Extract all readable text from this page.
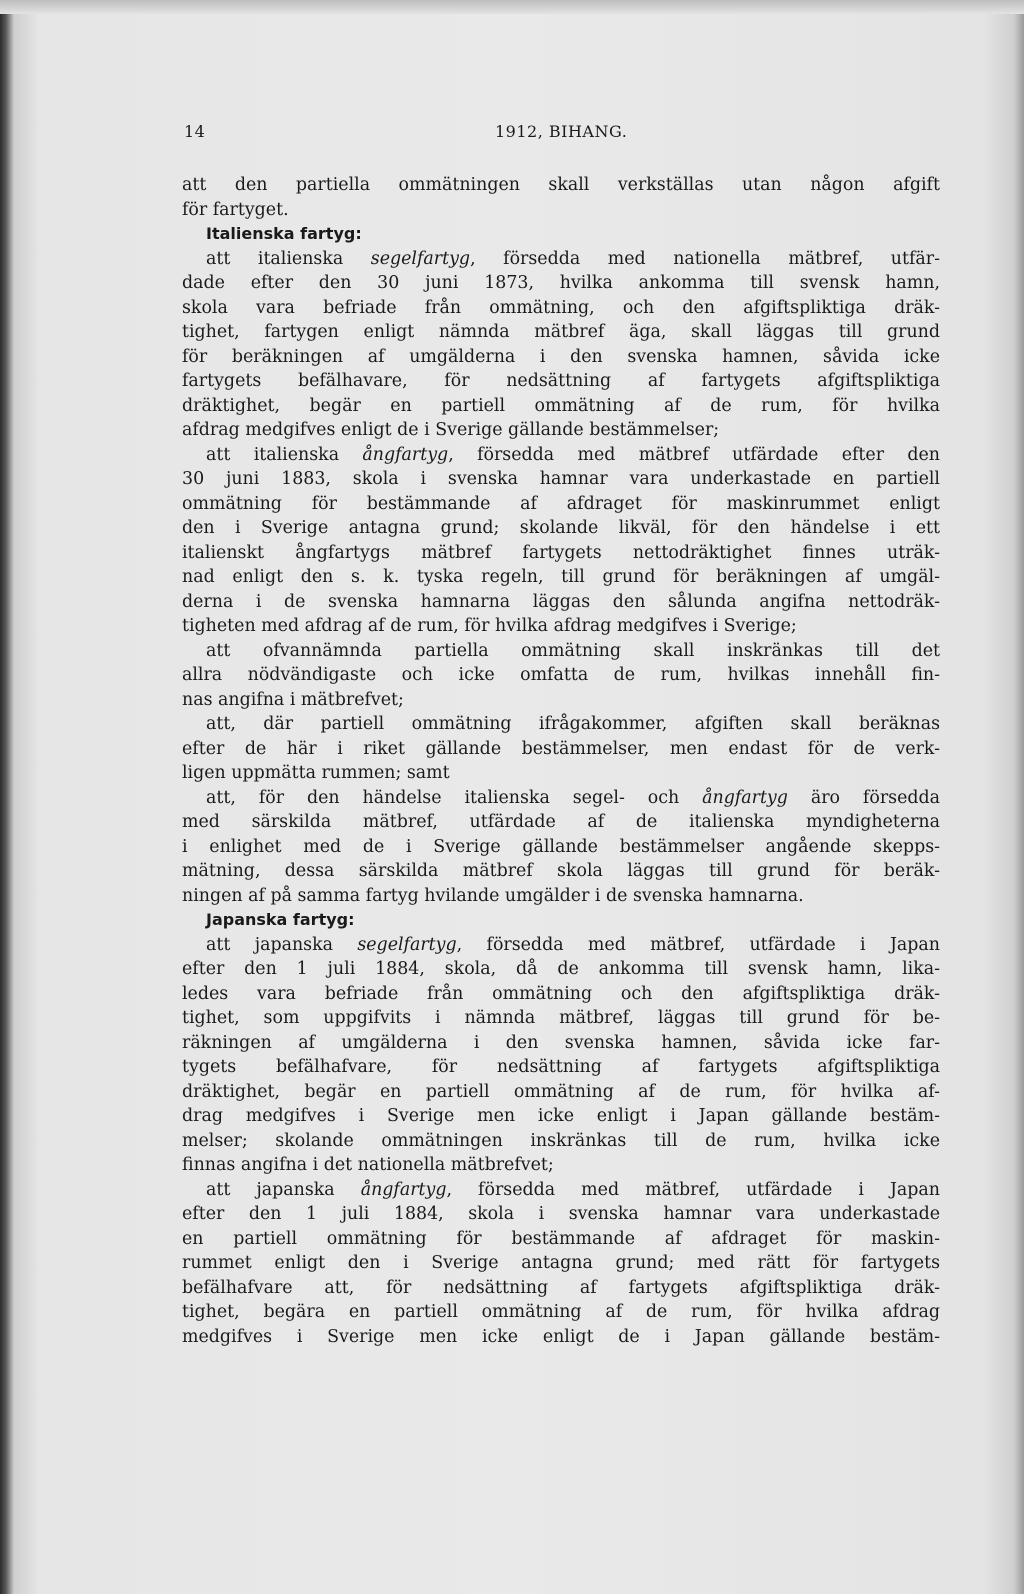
14	1912, BIHANG.
att den partiella ommätningen skall verkställas utan någon afgift
för fartyget.
Italienska fartyg:
att italienska segelfartyg, försedda med nationella mätbref, utfär-
dade efter den 30 juni 1873, hvilka ankomma till svensk hamn,
skola vara befriade från ommätning, och den afgiftspliktiga dräk-
tighet, fartygen enligt nämnda mätbref äga, skall läggas till grund
för beräkningen af umgälderna i den svenska hamnen, såvida icke
fartygets befälhavare, för nedsättning af fartygets afgiftspliktiga
dräktighet, begär en partiell ommätning af de rum, för hvilka
afdrag medgifves enligt de i Sverige gällande bestämmelser;
att italienska ångfartyg, försedda med mätbref utfärdade efter den
30 juni 1883, skola i svenska hamnar vara underkastade en partiell
ommätning för bestämmande af afdraget för maskinrummet enligt
den i Sverige antagna grund; skolande likväl, för den händelse i ett
italienskt ångfartygs mätbref fartygets nettodräktighet finnes uträk-
nad enligt den s. k. tyska regeln, till grund för beräkningen af umgäl-
derna i de svenska hamnarna läggas den sålunda angifna nettodräk-
tigheten med afdrag af de rum, för hvilka afdrag medgifves i Sverige;
att ofvannämnda partiella ommätning skall inskränkas till det
allra nödvändigaste och icke omfatta de rum, hvilkas innehåll fin-
nas angifna i mätbrefvet;
att, där partiell ommätning ifrågakommer, afgiften skall beräknas
efter de här i riket gällande bestämmelser, men endast för de verk-
ligen uppmätta rummen; samt
att, för den händelse italienska segel- och ångfartyg äro försedda
med särskilda mätbref, utfärdade af de italienska myndigheterna
i enlighet med de i Sverige gällande bestämmelser angående skepps-
mätning, dessa särskilda mätbref skola läggas till grund för beräk-
ningen af på samma fartyg hvilande umgälder i de svenska hamnarna.
Japanska fartyg:
att japanska segelfartyg, försedda med mätbref, utfärdade i Japan
efter den 1 juli 1884, skola, då de ankomma till svensk hamn, lika-
ledes vara befriade från ommätning och den afgiftspliktiga dräk-
tighet, som uppgifvits i nämnda mätbref, läggas till grund för be-
räkningen af umgälderna i den svenska hamnen, såvida icke far-
tygets befälhafvare, för nedsättning af fartygets afgiftspliktiga
dräktighet, begär en partiell ommätning af de rum, för hvilka af-
drag medgifves i Sverige men icke enligt i Japan gällande bestäm-
melser; skolande ommätningen inskränkas till de rum, hvilka icke
finnas angifna i det nationella mätbrefvet;
att japanska ångfartyg, försedda med mätbref, utfärdade i Japan
efter den 1 juli 1884, skola i svenska hamnar vara underkastade
en partiell ommätning för bestämmande af afdraget för maskin-
rummet enligt den i Sverige antagna grund; med rätt för fartygets
befälhafvare att, för nedsättning af fartygets afgiftspliktiga dräk-
tighet, begära en partiell ommätning af de rum, för hvilka afdrag
medgifves i Sverige men icke enligt de i Japan gällande bestäm-
